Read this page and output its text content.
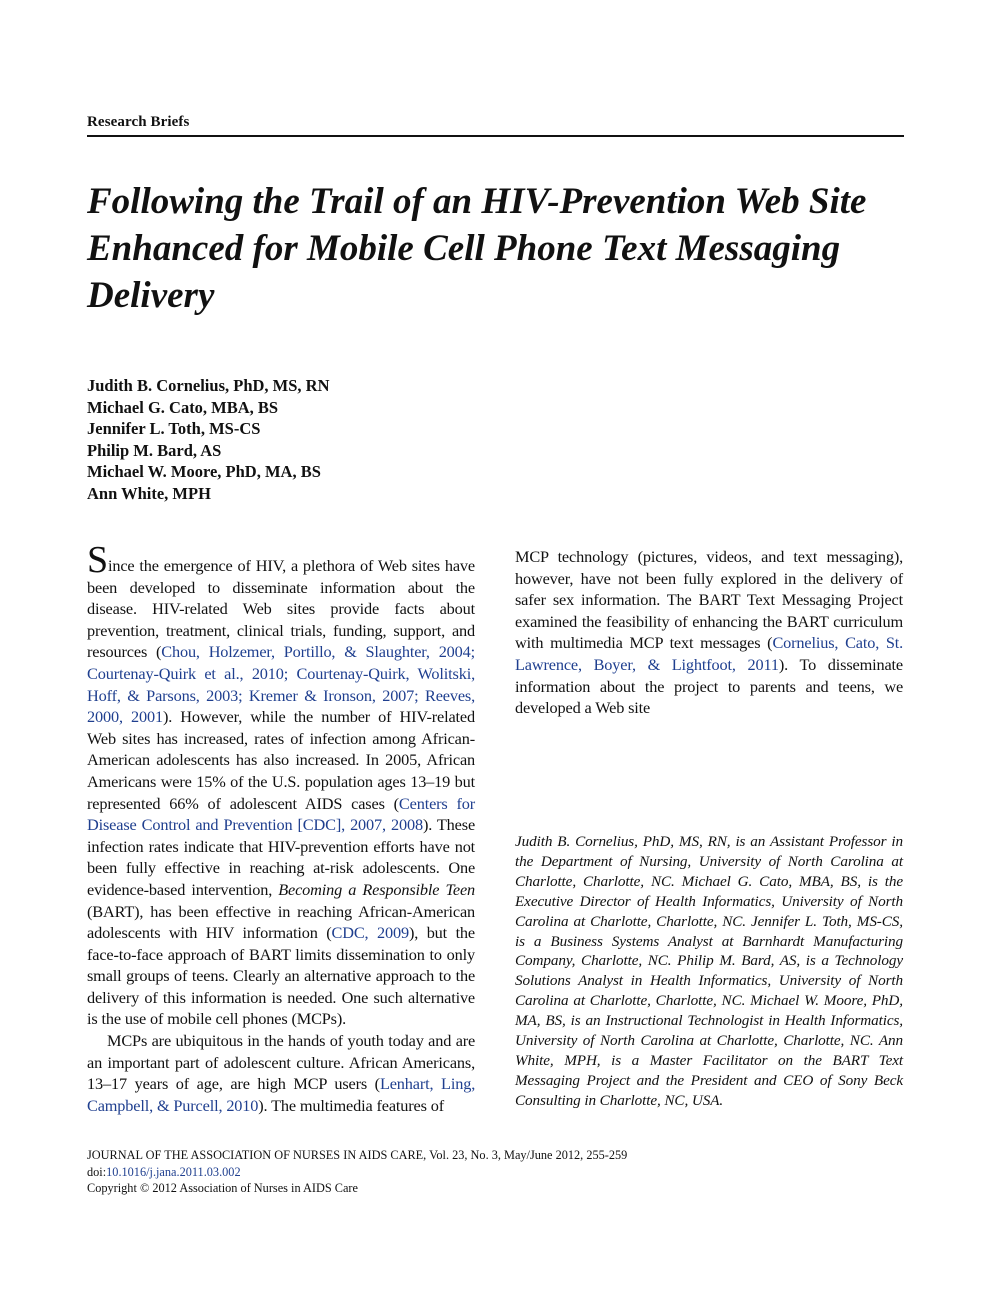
Research Briefs
Following the Trail of an HIV-Prevention Web Site Enhanced for Mobile Cell Phone Text Messaging Delivery
Judith B. Cornelius, PhD, MS, RN
Michael G. Cato, MBA, BS
Jennifer L. Toth, MS-CS
Philip M. Bard, AS
Michael W. Moore, PhD, MA, BS
Ann White, MPH

Since the emergence of HIV, a plethora of Web sites have been developed to disseminate information about the disease. HIV-related Web sites provide facts about prevention, treatment, clinical trials, funding, support, and resources (Chou, Holzemer, Portillo, & Slaughter, 2004; Courtenay-Quirk et al., 2010; Courtenay-Quirk, Wolitski, Hoff, & Parsons, 2003; Kremer & Ironson, 2007; Reeves, 2000, 2001). However, while the number of HIV-related Web sites has increased, rates of infection among African-American adolescents has also increased. In 2005, African Americans were 15% of the U.S. population ages 13–19 but represented 66% of adolescent AIDS cases (Centers for Disease Control and Prevention [CDC], 2007, 2008). These infection rates indicate that HIV-prevention efforts have not been fully effective in reaching at-risk adolescents. One evidence-based intervention, Becoming a Responsible Teen (BART), has been effective in reaching African-American adolescents with HIV information (CDC, 2009), but the face-to-face approach of BART limits dissemination to only small groups of teens. Clearly an alternative approach to the delivery of this information is needed. One such alternative is the use of mobile cell phones (MCPs).

MCPs are ubiquitous in the hands of youth today and are an important part of adolescent culture. African Americans, 13–17 years of age, are high MCP users (Lenhart, Ling, Campbell, & Purcell, 2010). The multimedia features of

MCP technology (pictures, videos, and text messaging), however, have not been fully explored in the delivery of safer sex information. The BART Text Messaging Project examined the feasibility of enhancing the BART curriculum with multimedia MCP text messages (Cornelius, Cato, St. Lawrence, Boyer, & Lightfoot, 2011). To disseminate information about the project to parents and teens, we developed a Web site

Judith B. Cornelius, PhD, MS, RN, is an Assistant Professor in the Department of Nursing, University of North Carolina at Charlotte, Charlotte, NC. Michael G. Cato, MBA, BS, is the Executive Director of Health Informatics, University of North Carolina at Charlotte, Charlotte, NC. Jennifer L. Toth, MS-CS, is a Business Systems Analyst at Barnhardt Manufacturing Company, Charlotte, NC. Philip M. Bard, AS, is a Technology Solutions Analyst in Health Informatics, University of North Carolina at Charlotte, Charlotte, NC. Michael W. Moore, PhD, MA, BS, is an Instructional Technologist in Health Informatics, University of North Carolina at Charlotte, Charlotte, NC. Ann White, MPH, is a Master Facilitator on the BART Text Messaging Project and the President and CEO of Sony Beck Consulting in Charlotte, NC, USA.

JOURNAL OF THE ASSOCIATION OF NURSES IN AIDS CARE, Vol. 23, No. 3, May/June 2012, 255-259
doi:10.1016/j.jana.2011.03.002
Copyright © 2012 Association of Nurses in AIDS Care
